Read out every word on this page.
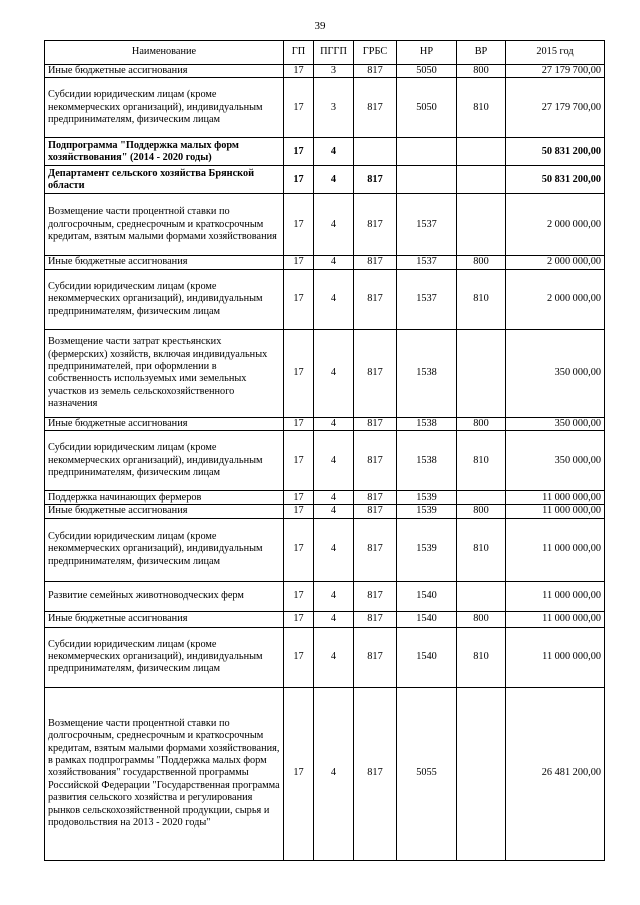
39
Наименование	ГП	ПГГП	ГРБС	НР	ВР	2015 год
Иные бюджетные ассигнования	17	3	817	5050	800	27 179 700,00
Субсидии юридическим лицам (кроме некоммерческих организаций), индивидуальным предпринимателям, физическим лицам	17	3	817	5050	810	27 179 700,00
Подпрограмма "Поддержка малых форм хозяйствования" (2014 - 2020 годы)	17	4				50 831 200,00
Департамент сельского хозяйства Брянской области	17	4	817			50 831 200,00
Возмещение части процентной ставки по долгосрочным, среднесрочным и краткосрочным кредитам, взятым малыми формами хозяйствования	17	4	817	1537		2 000 000,00
Иные бюджетные ассигнования	17	4	817	1537	800	2 000 000,00
Субсидии юридическим лицам (кроме некоммерческих организаций), индивидуальным предпринимателям, физическим лицам	17	4	817	1537	810	2 000 000,00
Возмещение части затрат крестьянских (фермерских) хозяйств, включая индивидуальных предпринимателей, при оформлении в собственность используемых ими земельных участков из земель сельскохозяйственного назначения	17	4	817	1538		350 000,00
Иные бюджетные ассигнования	17	4	817	1538	800	350 000,00
Субсидии юридическим лицам (кроме некоммерческих организаций), индивидуальным предпринимателям, физическим лицам	17	4	817	1538	810	350 000,00
Поддержка начинающих фермеров	17	4	817	1539		11 000 000,00
Иные бюджетные ассигнования	17	4	817	1539	800	11 000 000,00
Субсидии юридическим лицам (кроме некоммерческих организаций), индивидуальным предпринимателям, физическим лицам	17	4	817	1539	810	11 000 000,00
Развитие семейных животноводческих ферм	17	4	817	1540		11 000 000,00
Иные бюджетные ассигнования	17	4	817	1540	800	11 000 000,00
Субсидии юридическим лицам (кроме некоммерческих организаций), индивидуальным предпринимателям, физическим лицам	17	4	817	1540	810	11 000 000,00
Возмещение части процентной ставки по долгосрочным, среднесрочным и краткосрочным кредитам, взятым малыми формами хозяйствования, в рамках подпрограммы "Поддержка малых форм хозяйствования" государственной программы Российской Федерации "Государственная программа развития сельского хозяйства и регулирования рынков сельскохозяйственной продукции, сырья и продовольствия на 2013 - 2020 годы"	17	4	817	5055		26 481 200,00
